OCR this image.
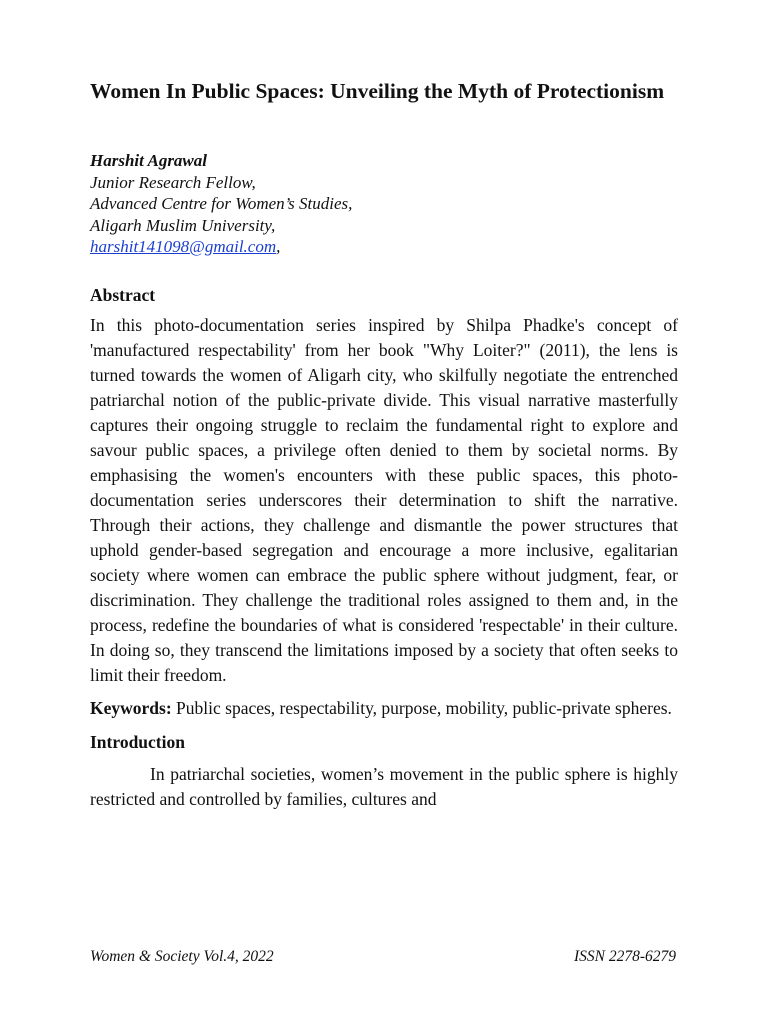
Women In Public Spaces: Unveiling the Myth of Protectionism
Harshit Agrawal
Junior Research Fellow,
Advanced Centre for Women’s Studies,
Aligarh Muslim University,
harshit141098@gmail.com,
Abstract

In this photo-documentation series inspired by Shilpa Phadke's concept of 'manufactured respectability' from her book "Why Loiter?" (2011), the lens is turned towards the women of Aligarh city, who skilfully negotiate the entrenched patriarchal notion of the public-private divide. This visual narrative masterfully captures their ongoing struggle to reclaim the fundamental right to explore and savour public spaces, a privilege often denied to them by societal norms. By emphasising the women's encounters with these public spaces, this photo-documentation series underscores their determination to shift the narrative. Through their actions, they challenge and dismantle the power structures that uphold gender-based segregation and encourage a more inclusive, egalitarian society where women can embrace the public sphere without judgment, fear, or discrimination. They challenge the traditional roles assigned to them and, in the process, redefine the boundaries of what is considered 'respectable' in their culture. In doing so, they transcend the limitations imposed by a society that often seeks to limit their freedom.

Keywords: Public spaces, respectability, purpose, mobility, public-private spheres.

Introduction

In patriarchal societies, women’s movement in the public sphere is highly restricted and controlled by families, cultures and

Women & Society Vol.4, 2022	ISSN 2278-6279
